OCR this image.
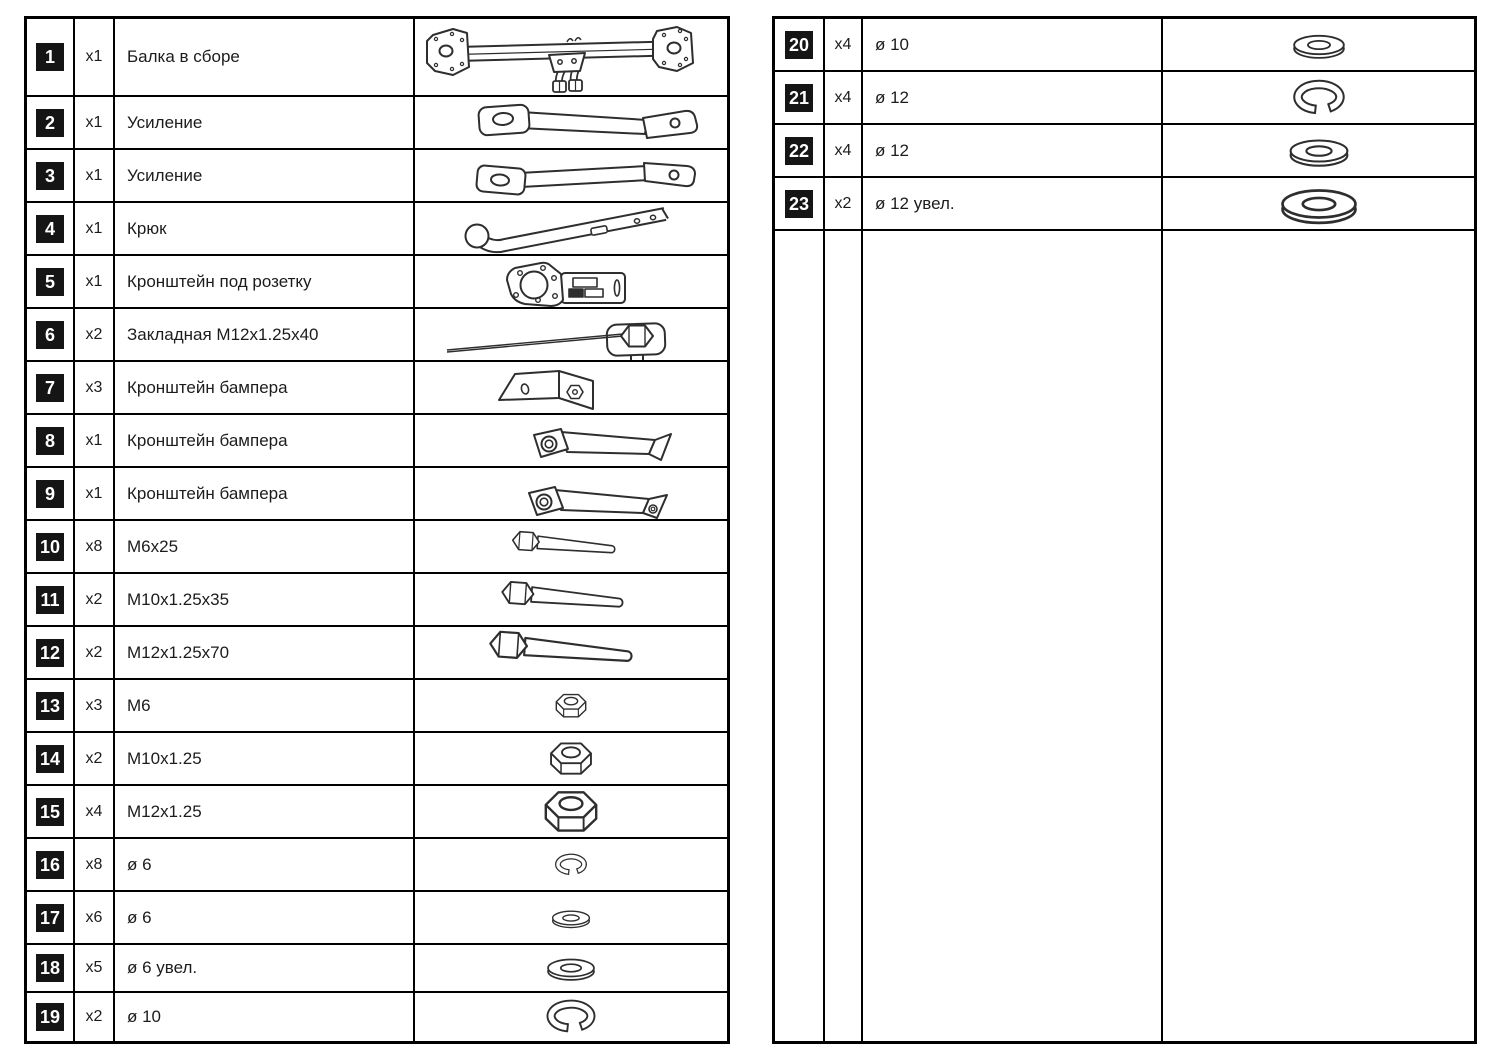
1	x1	Балка в сборе
2	x1	Усиление
3	x1	Усиление
4	x1	Крюк
5	x1	Кронштейн под розетку
6	x2	Закладная М12х1.25х40
7	x3	Кронштейн бампера
8	x1	Кронштейн бампера
9	x1	Кронштейн бампера
10	x8	М6х25
11	x2	М10х1.25х35
12	x2	М12х1.25х70
13	x3	М6
14	x2	М10х1.25
15	x4	М12х1.25
16	x8	ø 6
17	x6	ø 6
18	x5	ø 6 увел.
19	x2	ø 10
20	x4	ø 10
21	x4	ø 12
22	x4	ø 12
23	x2	ø 12 увел.
